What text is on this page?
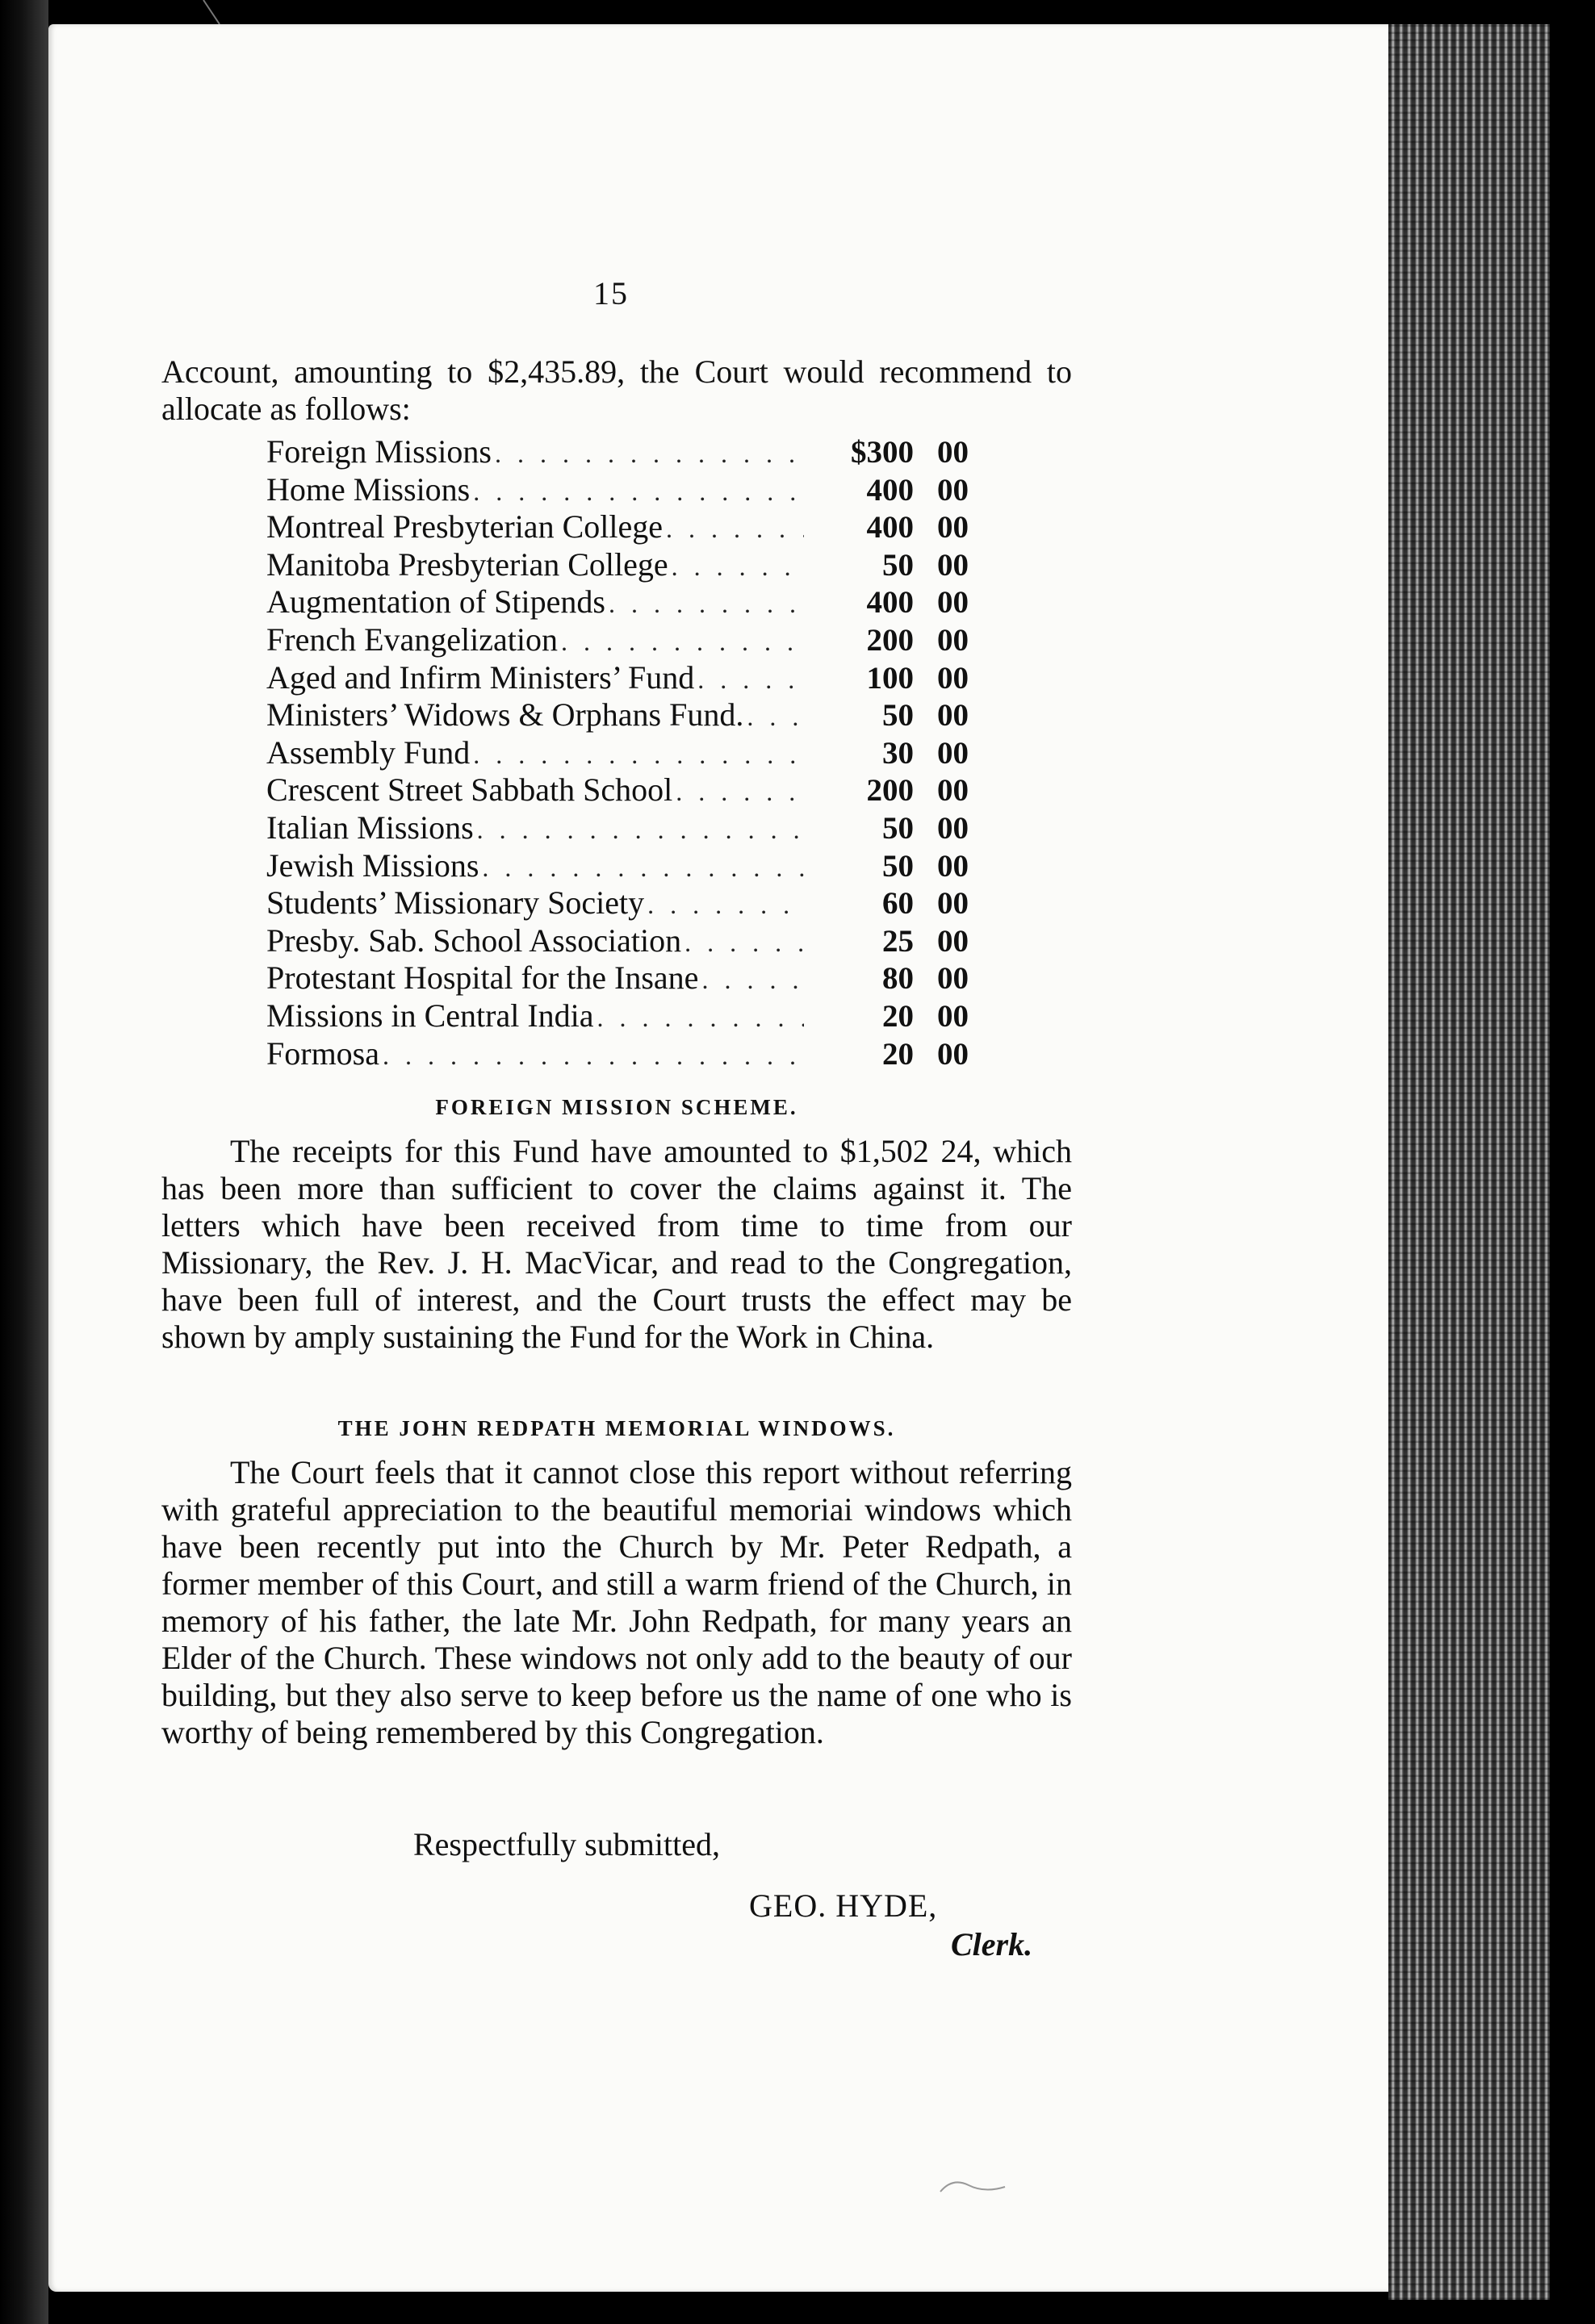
15
Account, amounting to $2,435.89, the Court would recommend to allocate as follows:
Foreign Missions . . .	$300 00
Home Missions . . .	400 00
Montreal Presbyterian College . . .	400 00
Manitoba Presbyterian College . . .	50 00
Augmentation of Stipends . . .	400 00
French Evangelization . . .	200 00
Aged and Infirm Ministers’ Fund . . .	100 00
Ministers’ Widows & Orphans Fund. . . .	50 00
Assembly Fund . . .	30 00
Crescent Street Sabbath School . . .	200 00
Italian Missions . . .	50 00
Jewish Missions . . .	50 00
Students’ Missionary Society . . .	60 00
Presby. Sab. School Association . . .	25 00
Protestant Hospital for the Insane . . .	80 00
Missions in Central India . . .	20 00
Formosa . . .	20 00
FOREIGN MISSION SCHEME.

The receipts for this Fund have amounted to $1,502 24, which has been more than sufficient to cover the claims against it. The letters which have been received from time to time from our Missionary, the Rev. J. H. MacVicar, and read to the Congregation, have been full of interest, and the Court trusts the effect may be shown by amply sustaining the Fund for the Work in China.

THE JOHN REDPATH MEMORIAL WINDOWS.

The Court feels that it cannot close this report without referring with grateful appreciation to the beautiful memoriai windows which have been recently put into the Church by Mr. Peter Redpath, a former member of this Court, and still a warm friend of the Church, in memory of his father, the late Mr. John Redpath, for many years an Elder of the Church. These windows not only add to the beauty of our building, but they also serve to keep before us the name of one who is worthy of being remembered by this Congregation.

Respectfully submitted,
GEO. HYDE,
Clerk.
